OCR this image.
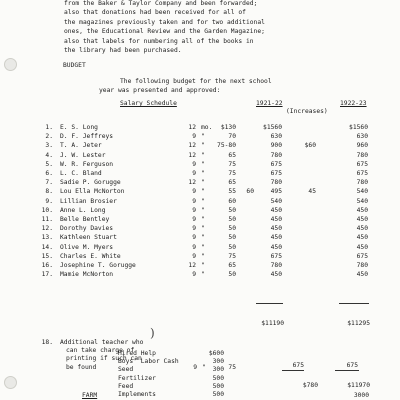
)
from the Baker & Taylor Company and been forwarded;
also that donations had been received for all of
the magazines previously taken and for two additional
ones, the Educational Review and the Garden Magazine;
also that labels for numbering all of the books in
the library had been purchased.
BUDGET
The following budget for the next school
year was presented and approved:
Salary Schedule	1921-22	1922-23
(Increases)
1. E. S. Long	12 mo.	$130	$1560	$1560
2. D. F. Jeffreys	9 "	70	630	630
3. T. A. Jeter	12 "	75-80	900	$60	960
4. J. W. Lester	12 "	65	780	780
5. W. R. Ferguson	9 "	75	675	675
6. L. C. Bland	9 "	75	675	675
7. Sadie P. Gorugge	12 "	65	780	780
8. Lou Ella McNorton	9 "	55	60	495	45	540
9. Lillian Brosier	9 "	60	540	540
10. Anne L. Long	9 "	50	450	450
11. Belle Bentley	9 "	50	450	450
12. Dorothy Davies	9 "	50	450	450
13. Kathleen Stuart	9 "	50	450	450
14. Olive M. Myers	9 "	50	450	450
15. Charles E. White	9 "	75	675	675
16. Josephine T. Gorugge	12 "	65	780	780
17. Mamie McNorton	9 "	50	450	450
$11190	$11295
18. Additional teacher who
can take charge of
printing if such can
be found	9 "	75	675	675
$780	$11970
FARM
Hired Help	$600
Boys' Labor Cash	300
Seed	300
Fertilizer	500
Feed	500
Implements	500	3000
